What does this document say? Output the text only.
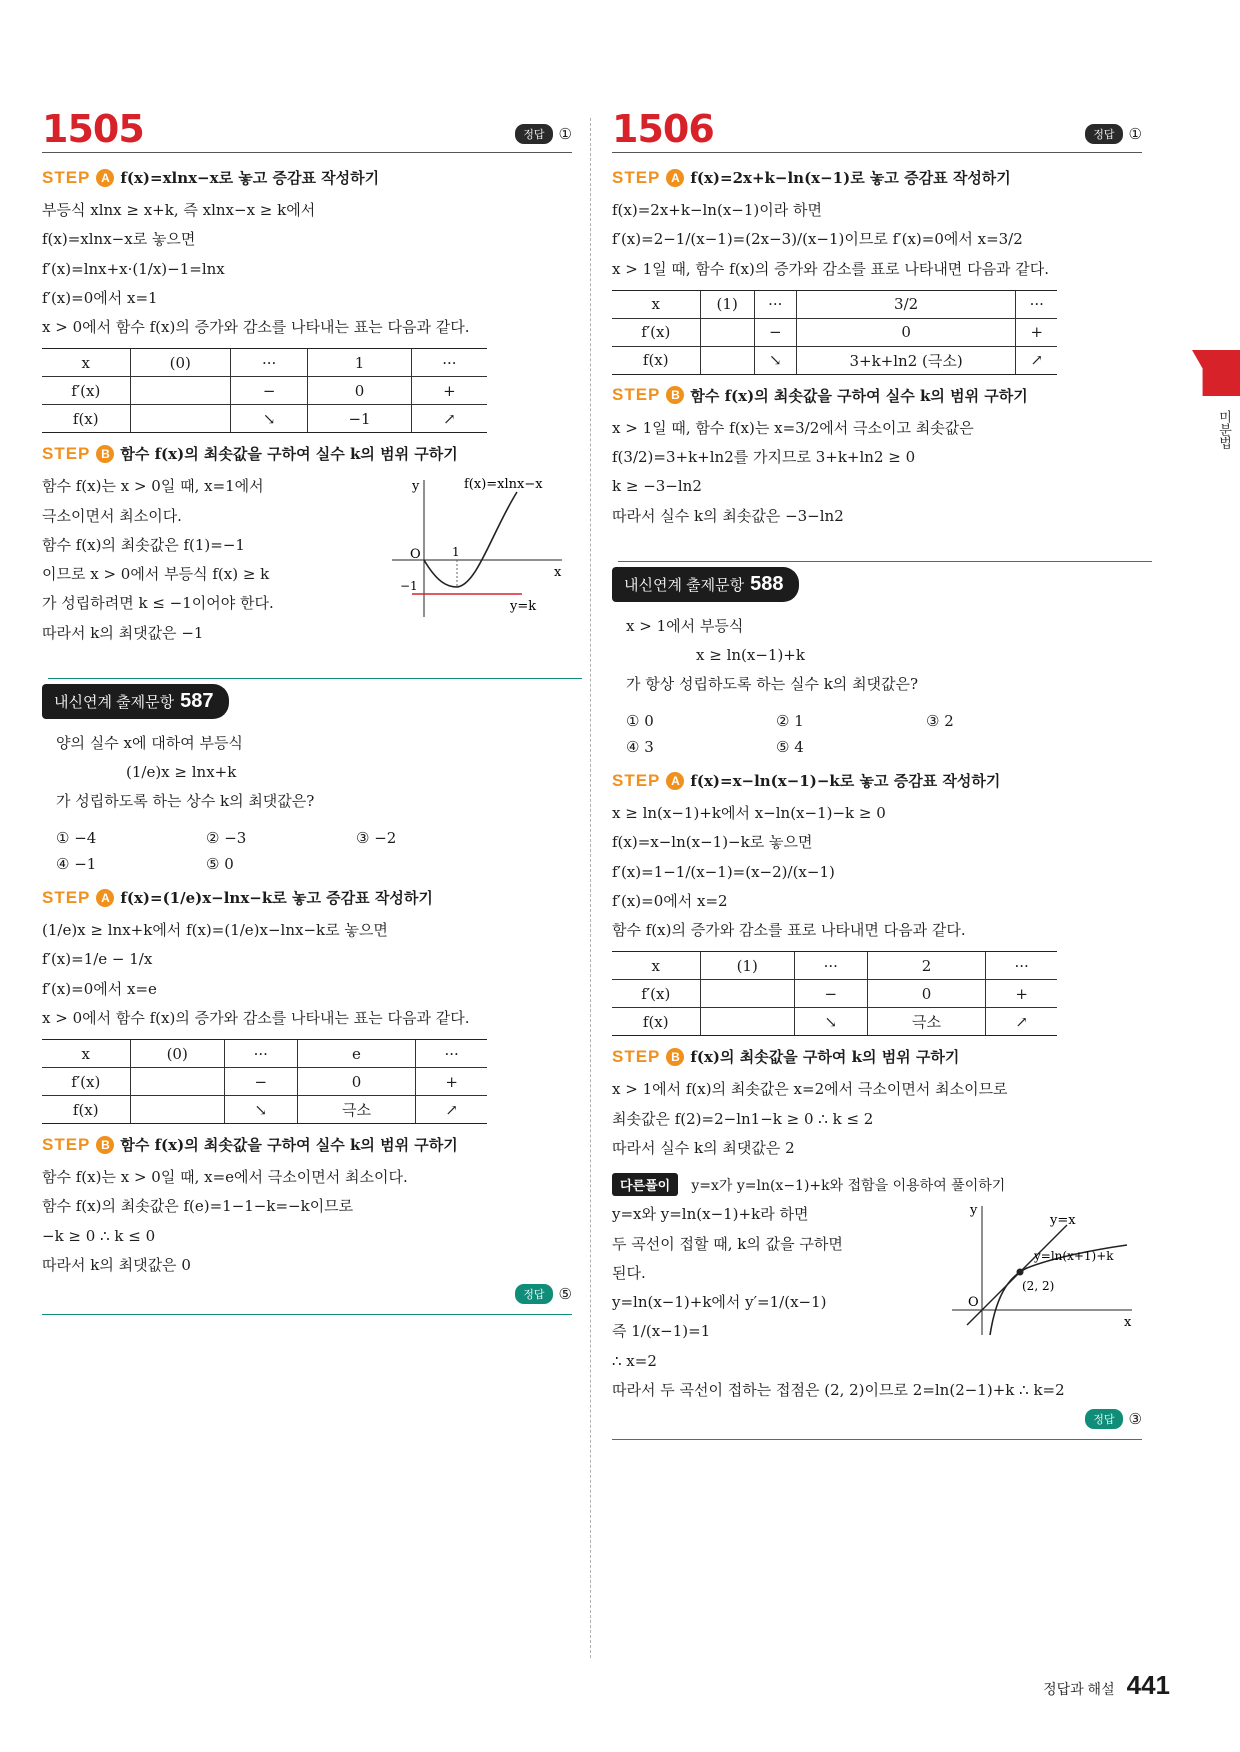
1505	정답 ①
STEP A f(x)=xlnx−x로 놓고 증감표 작성하기
부등식 xlnx ≥ x+k, 즉 xlnx−x ≥ k에서
f(x)=xlnx−x로 놓으면
f′(x)=lnx+x·(1/x)−1=lnx
f′(x)=0에서 x=1
x > 0에서 함수 f(x)의 증가와 감소를 나타내는 표는 다음과 같다.
x	(0)	···	1	···
f′(x)		−	0	+
f(x)		↘	−1	↗
STEP B 함수 f(x)의 최솟값을 구하여 실수 k의 범위 구하기
함수 f(x)는 x > 0일 때, x=1에서
극소이면서 최소이다.
함수 f(x)의 최솟값은 f(1)=−1
이므로 x > 0에서 부등식 f(x) ≥ k
가 성립하려면 k ≤ −1이어야 한다.
따라서 k의 최댓값은 −1
y
x
O	1
−1
f(x)=xlnx−x
y=k
내신연계 출제문항 587
양의 실수 x에 대하여 부등식
(1/e)x ≥ lnx+k
가 성립하도록 하는 상수 k의 최댓값은?
① −4	② −3	③ −2
④ −1	⑤ 0
STEP A f(x)=(1/e)x−lnx−k로 놓고 증감표 작성하기
(1/e)x ≥ lnx+k에서 f(x)=(1/e)x−lnx−k로 놓으면
f′(x)=1/e − 1/x
f′(x)=0에서 x=e
x > 0에서 함수 f(x)의 증가와 감소를 나타내는 표는 다음과 같다.
x	(0)	···	e	···
f′(x)		−	0	+
f(x)		↘	극소	↗
STEP B 함수 f(x)의 최솟값을 구하여 실수 k의 범위 구하기
함수 f(x)는 x > 0일 때, x=e에서 극소이면서 최소이다.
함수 f(x)의 최솟값은 f(e)=1−1−k=−k이므로
−k ≥ 0 ∴ k ≤ 0
따라서 k의 최댓값은 0
정답 ⑤
1506	정답 ①
STEP A f(x)=2x+k−ln(x−1)로 놓고 증감표 작성하기
f(x)=2x+k−ln(x−1)이라 하면
f′(x)=2−1/(x−1)=(2x−3)/(x−1)이므로 f′(x)=0에서 x=3/2
x > 1일 때, 함수 f(x)의 증가와 감소를 표로 나타내면 다음과 같다.
x	(1)	···	3/2	···
f′(x)		−	0	+
f(x)		↘	3+k+ln2 (극소)	↗
STEP B 함수 f(x)의 최솟값을 구하여 실수 k의 범위 구하기
x > 1일 때, 함수 f(x)는 x=3/2에서 극소이고 최솟값은
f(3/2)=3+k+ln2를 가지므로 3+k+ln2 ≥ 0
k ≥ −3−ln2
따라서 실수 k의 최솟값은 −3−ln2
내신연계 출제문항 588
x > 1에서 부등식
x ≥ ln(x−1)+k
가 항상 성립하도록 하는 실수 k의 최댓값은?
① 0	② 1	③ 2
④ 3	⑤ 4
STEP A f(x)=x−ln(x−1)−k로 놓고 증감표 작성하기
x ≥ ln(x−1)+k에서 x−ln(x−1)−k ≥ 0
f(x)=x−ln(x−1)−k로 놓으면
f′(x)=1−1/(x−1)=(x−2)/(x−1)
f′(x)=0에서 x=2
함수 f(x)의 증가와 감소를 표로 나타내면 다음과 같다.
x	(1)	···	2	···
f′(x)		−	0	+
f(x)		↘	극소	↗
STEP B f(x)의 최솟값을 구하여 k의 범위 구하기
x > 1에서 f(x)의 최솟값은 x=2에서 극소이면서 최소이므로
최솟값은 f(2)=2−ln1−k ≥ 0 ∴ k ≤ 2
따라서 실수 k의 최댓값은 2
다른풀이 y=x가 y=ln(x−1)+k와 접함을 이용하여 풀이하기
y=x와 y=ln(x−1)+k라 하면
두 곡선이 접할 때, k의 값을 구하면
된다.
y=ln(x−1)+k에서 y′=1/(x−1)
즉 1/(x−1)=1
∴ x=2
y
x
O
y=x
y=ln(x+1)+k
(2, 2)
따라서 두 곡선이 접하는 접점은 (2, 2)이므로 2=ln(2−1)+k ∴ k=2
정답 ③
미분법
정답과 해설 441
